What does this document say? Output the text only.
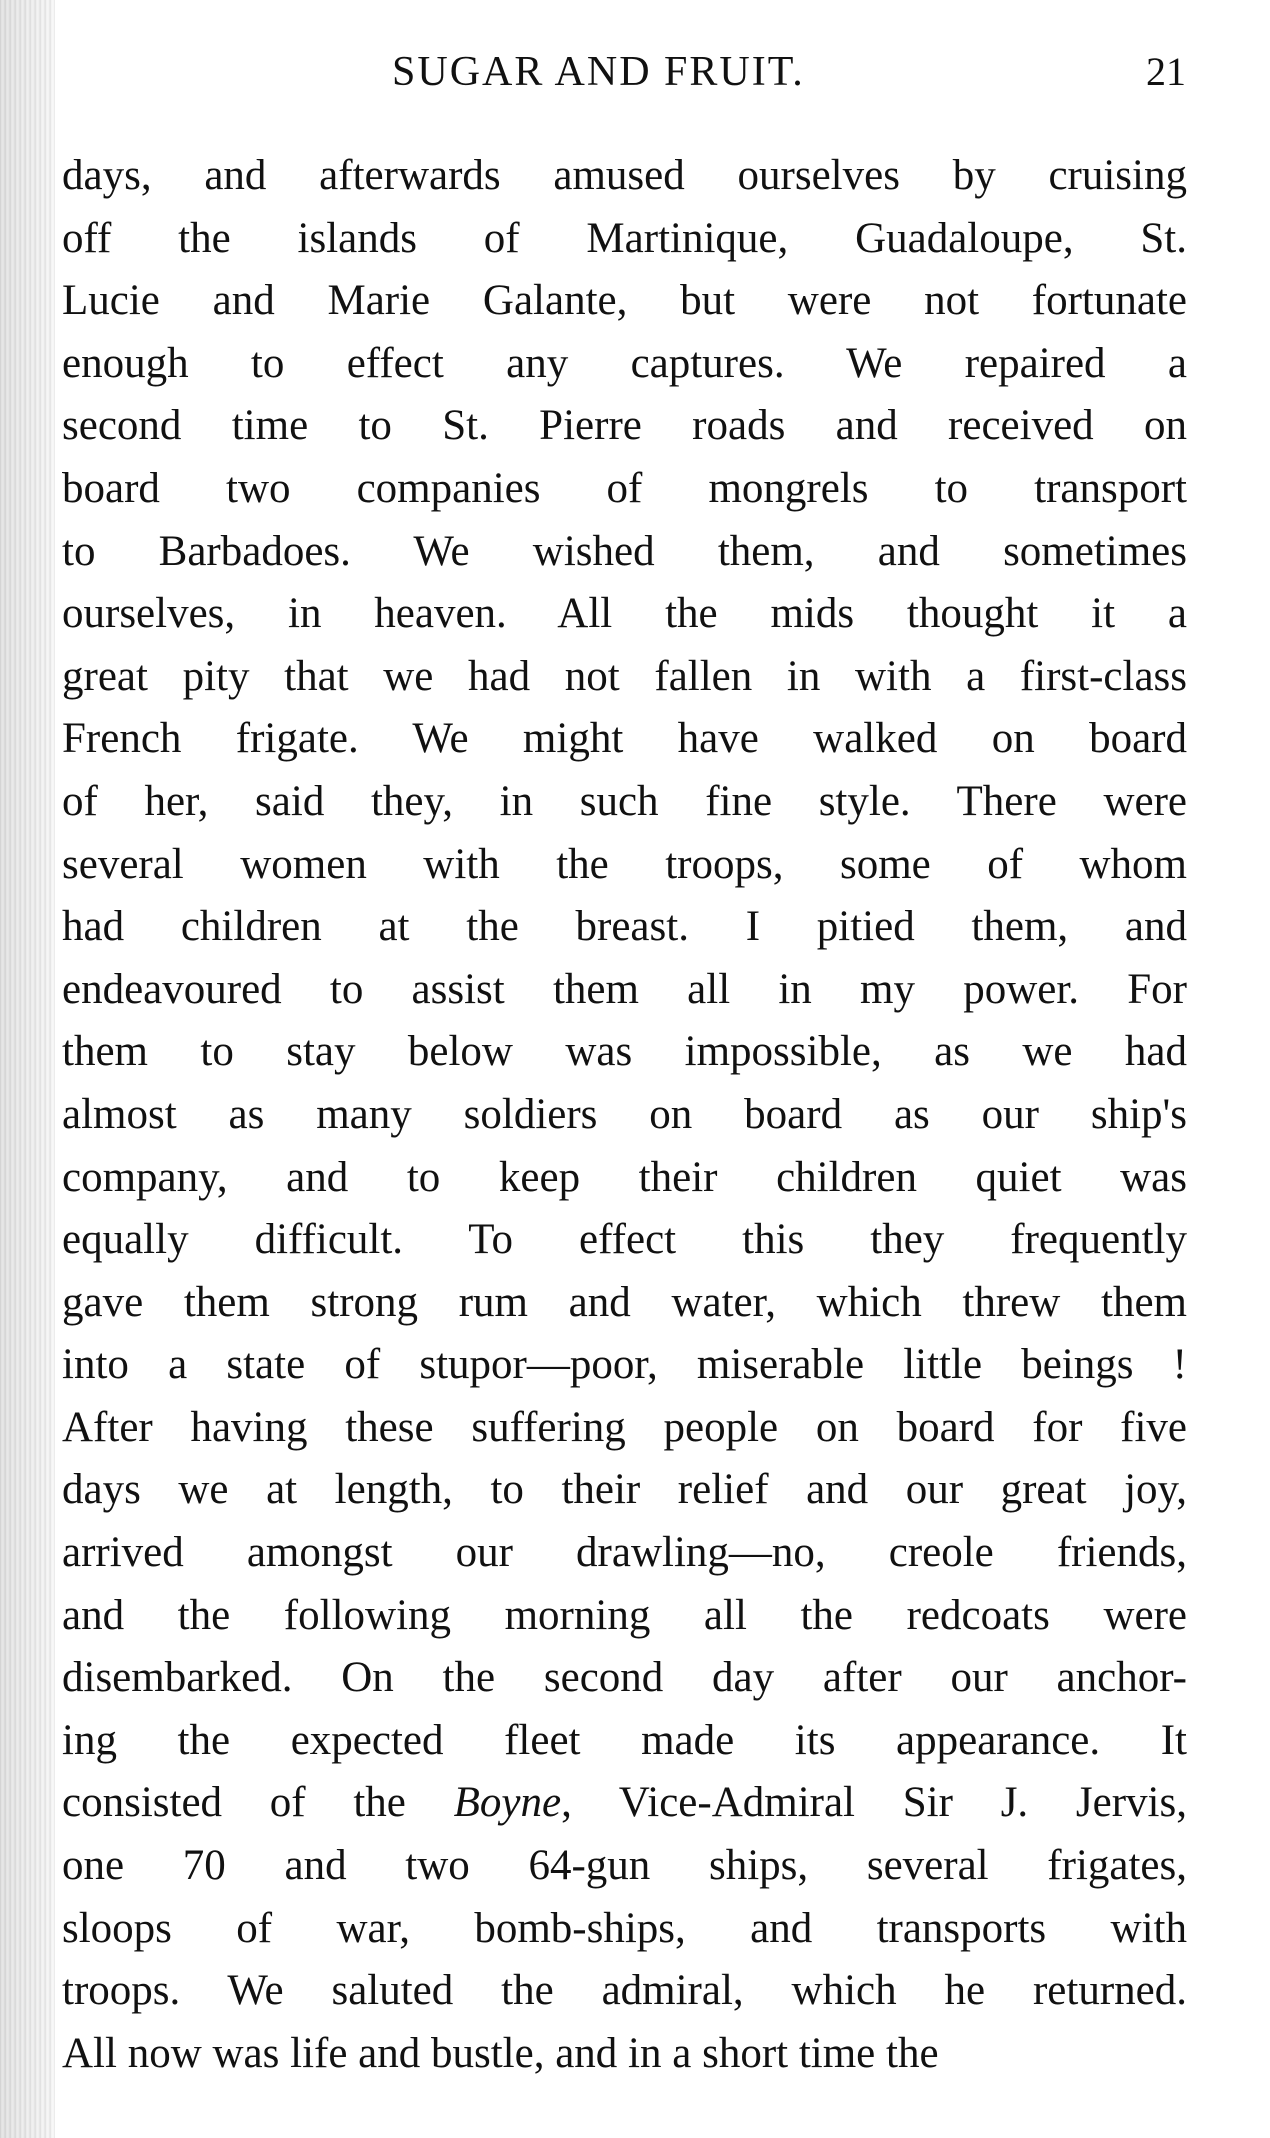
SUGAR AND FRUIT.	21
days, and afterwards amused ourselves by cruising
off the islands of Martinique, Guadaloupe, St.
Lucie and Marie Galante, but were not fortunate
enough to effect any captures. We repaired a
second time to St. Pierre roads and received on
board two companies of mongrels to transport
to Barbadoes. We wished them, and sometimes
ourselves, in heaven. All the mids thought it a
great pity that we had not fallen in with a first-class
French frigate. We might have walked on board
of her, said they, in such fine style. There were
several women with the troops, some of whom
had children at the breast. I pitied them, and
endeavoured to assist them all in my power. For
them to stay below was impossible, as we had
almost as many soldiers on board as our ship's
company, and to keep their children quiet was
equally difficult. To effect this they frequently
gave them strong rum and water, which threw them
into a state of stupor—poor, miserable little beings !
After having these suffering people on board for five
days we at length, to their relief and our great joy,
arrived amongst our drawling—no, creole friends,
and the following morning all the redcoats were
disembarked. On the second day after our anchor-
ing the expected fleet made its appearance. It
consisted of the Boyne, Vice-Admiral Sir J. Jervis,
one 70 and two 64-gun ships, several frigates,
sloops of war, bomb-ships, and transports with
troops. We saluted the admiral, which he returned.
All now was life and bustle, and in a short time the
